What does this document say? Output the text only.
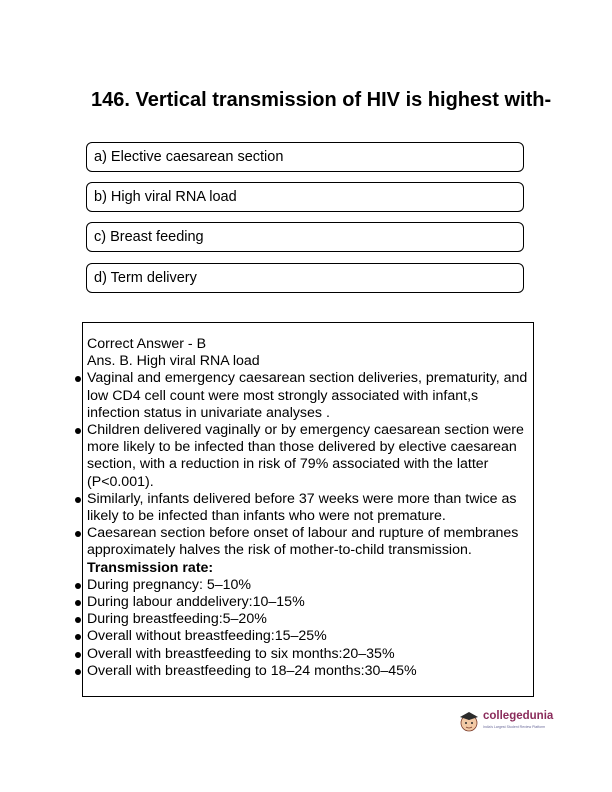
146. Vertical transmission of HIV is highest with-
a) Elective caesarean section
b) High viral RNA load
c) Breast feeding
d) Term delivery

Correct Answer - B

Ans. B. High viral RNA load

Vaginal and emergency caesarean section deliveries, prematurity, and low CD4 cell count were most strongly associated with infant,s infection status in univariate analyses .
Children delivered vaginally or by emergency caesarean section were more likely to be infected than those delivered by elective caesarean section, with a reduction in risk of 79% associated with the latter (P<0.001).
Similarly, infants delivered before 37 weeks were more than twice as likely to be infected than infants who were not premature.
Caesarean section before onset of labour and rupture of membranes approximately halves the risk of mother-to-child transmission.

Transmission rate:

During pregnancy: 5–10%
During labour anddelivery:10–15%
During breastfeeding:5–20%
Overall without breastfeeding:15–25%
Overall with breastfeeding to six months:20–35%
Overall with breastfeeding to 18–24 months:30–45%
collegedunia
India's Largest Student Review Platform
